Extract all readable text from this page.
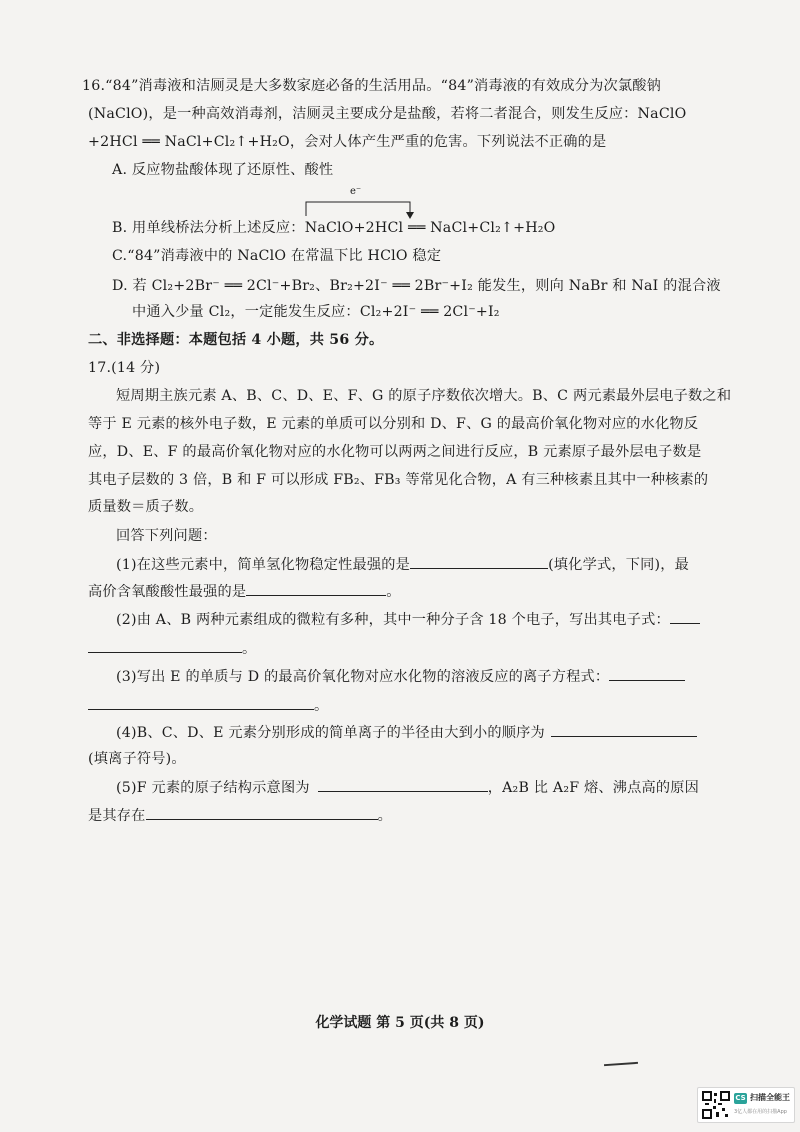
16.“84”消毒液和洁厕灵是大多数家庭必备的生活用品。“84”消毒液的有效成分为次氯酸钠
(NaClO)，是一种高效消毒剂，洁厕灵主要成分是盐酸，若将二者混合，则发生反应：NaClO
+2HCl ══ NaCl+Cl₂↑+H₂O，会对人体产生严重的危害。下列说法不正确的是
A. 反应物盐酸体现了还原性、酸性
e⁻
B. 用单线桥法分析上述反应：NaClO+2HCl ══ NaCl+Cl₂↑+H₂O
C.“84”消毒液中的 NaClO 在常温下比 HClO 稳定
D. 若 Cl₂+2Br⁻ ══ 2Cl⁻+Br₂、Br₂+2I⁻ ══ 2Br⁻+I₂ 能发生，则向 NaBr 和 NaI 的混合液
中通入少量 Cl₂，一定能发生反应：Cl₂+2I⁻ ══ 2Cl⁻+I₂
二、非选择题：本题包括 4 小题，共 56 分。
17.(14 分)
短周期主族元素 A、B、C、D、E、F、G 的原子序数依次增大。B、C 两元素最外层电子数之和
等于 E 元素的核外电子数，E 元素的单质可以分别和 D、F、G 的最高价氧化物对应的水化物反
应，D、E、F 的最高价氧化物对应的水化物可以两两之间进行反应，B 元素原子最外层电子数是
其电子层数的 3 倍，B 和 F 可以形成 FB₂、FB₃ 等常见化合物，A 有三种核素且其中一种核素的
质量数＝质子数。
回答下列问题：
(1)在这些元素中，简单氢化物稳定性最强的是	(填化学式，下同)，最
高价含氧酸酸性最强的是	。
(2)由 A、B 两种元素组成的微粒有多种，其中一种分子含 18 个电子，写出其电子式：
。
(3)写出 E 的单质与 D 的最高价氧化物对应水化物的溶液反应的离子方程式：
。
(4)B、C、D、E 元素分别形成的简单离子的半径由大到小的顺序为
(填离子符号)。
(5)F 元素的原子结构示意图为	，A₂B 比 A₂F 熔、沸点高的原因
是其存在	。
化学试题 第 5 页(共 8 页)
CS 扫描全能王
3亿人都在用的扫描App
